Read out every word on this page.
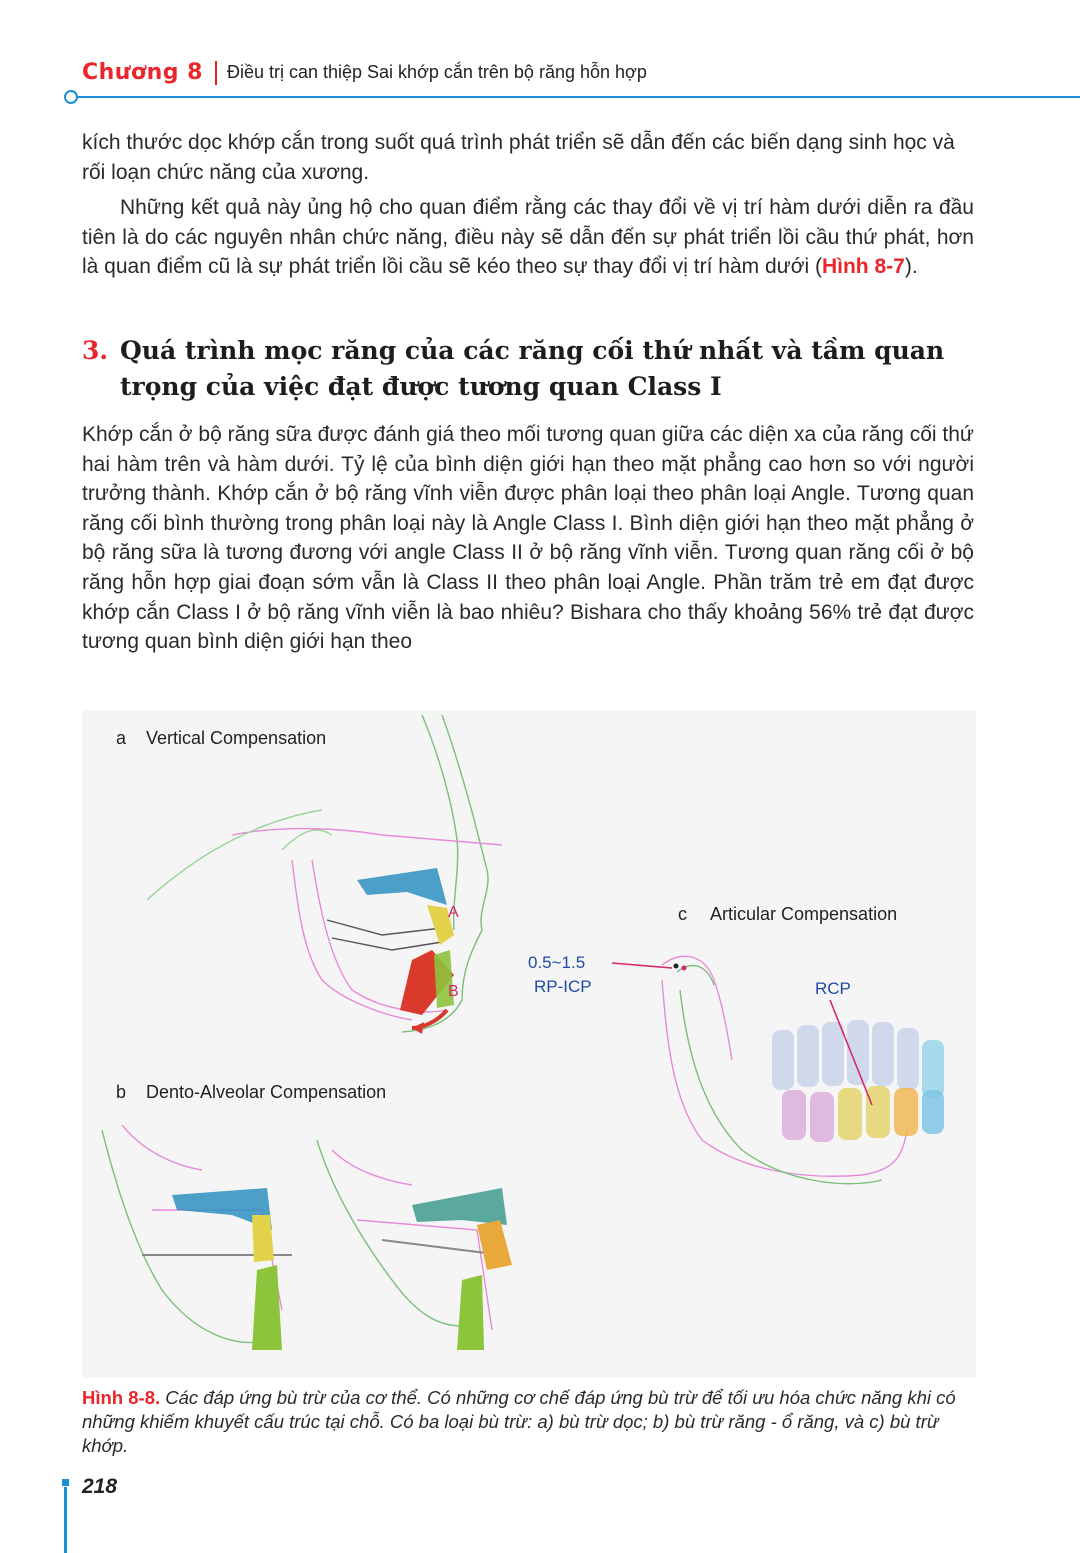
Chương 8 Điều trị can thiệp Sai khớp cắn trên bộ răng hỗn hợp
kích thước dọc khớp cắn trong suốt quá trình phát triển sẽ dẫn đến các biến dạng sinh học và rối loạn chức năng của xương.
Những kết quả này ủng hộ cho quan điểm rằng các thay đổi về vị trí hàm dưới diễn ra đầu tiên là do các nguyên nhân chức năng, điều này sẽ dẫn đến sự phát triển lồi cầu thứ phát, hơn là quan điểm cũ là sự phát triển lồi cầu sẽ kéo theo sự thay đổi vị trí hàm dưới (Hình 8-7).
3. Quá trình mọc răng của các răng cối thứ nhất và tầm quan trọng của việc đạt được tương quan Class I
Khớp cắn ở bộ răng sữa được đánh giá theo mối tương quan giữa các diện xa của răng cối thứ hai hàm trên và hàm dưới. Tỷ lệ của bình diện giới hạn theo mặt phẳng cao hơn so với người trưởng thành. Khớp cắn ở bộ răng vĩnh viễn được phân loại theo phân loại Angle. Tương quan răng cối bình thường trong phân loại này là Angle Class I. Bình diện giới hạn theo mặt phẳng ở bộ răng sữa là tương đương với angle Class II ở bộ răng vĩnh viễn. Tương quan răng cối ở bộ răng hỗn hợp giai đoạn sớm vẫn là Class II theo phân loại Angle. Phần trăm trẻ em đạt được khớp cắn Class I ở bộ răng vĩnh viễn là bao nhiêu? Bishara cho thấy khoảng 56% trẻ đạt được tương quan bình diện giới hạn theo
a Vertical Compensation
A
B
b Dento-Alveolar Compensation
c Articular Compensation
0.5~1.5
RP-ICP	RCP
Hình 8-8. Các đáp ứng bù trừ của cơ thể. Có những cơ chế đáp ứng bù trừ để tối ưu hóa chức năng khi có những khiếm khuyết cấu trúc tại chỗ. Có ba loại bù trừ: a) bù trừ dọc; b) bù trừ răng - ổ răng, và c) bù trừ khớp.
218
